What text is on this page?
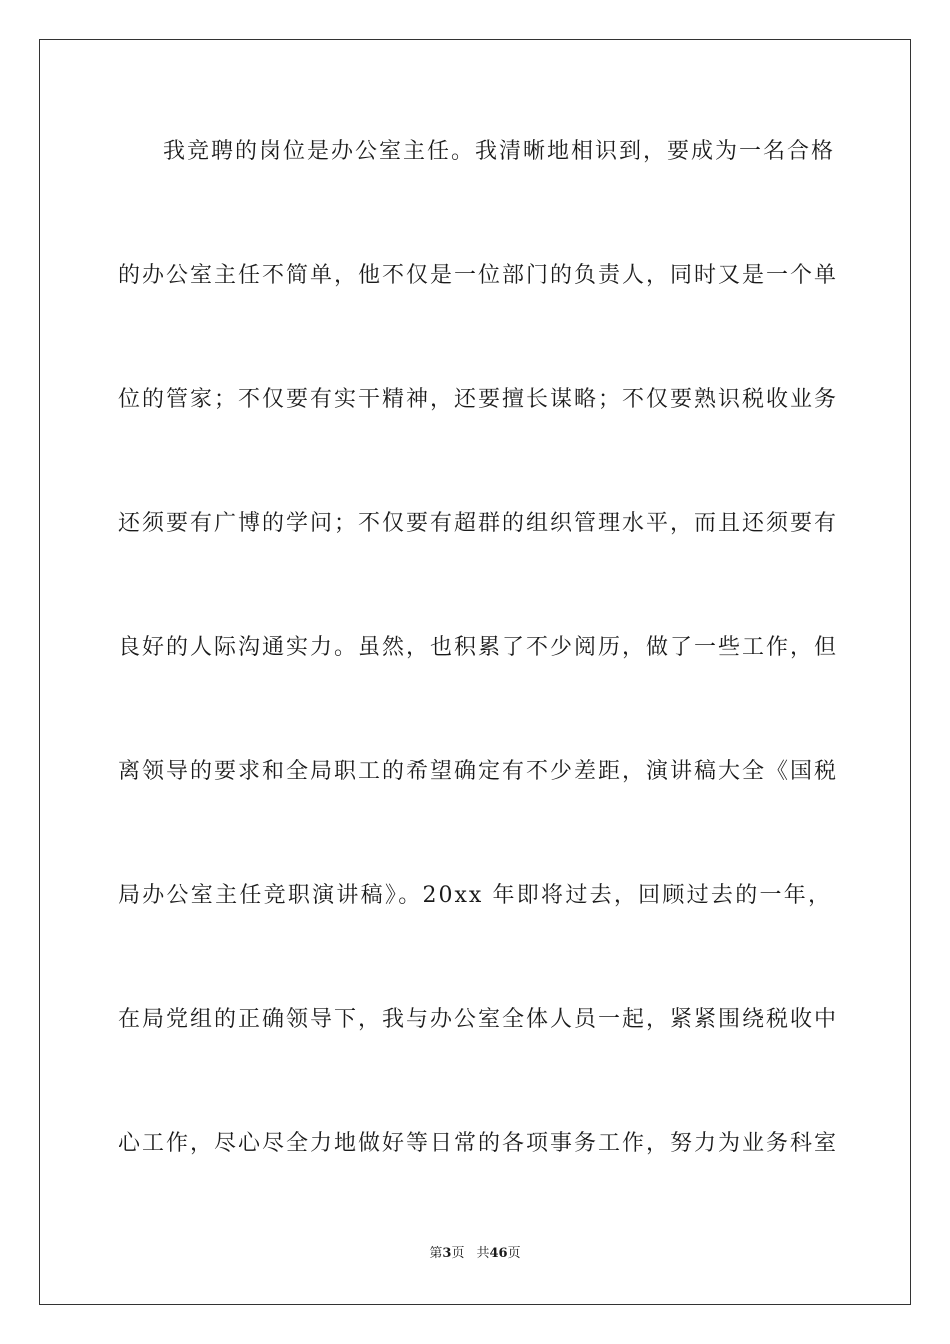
我竞聘的岗位是办公室主任。我清晰地相识到，要成为一名合格
的办公室主任不简单，他不仅是一位部门的负责人，同时又是一个单
位的管家；不仅要有实干精神，还要擅长谋略；不仅要熟识税收业务
还须要有广博的学问；不仅要有超群的组织管理水平，而且还须要有
良好的人际沟通实力。虽然，也积累了不少阅历，做了一些工作，但
离领导的要求和全局职工的希望确定有不少差距，演讲稿大全《国税
局办公室主任竞职演讲稿》。20xx 年即将过去，回顾过去的一年，
在局党组的正确领导下，我与办公室全体人员一起，紧紧围绕税收中
心工作，尽心尽全力地做好等日常的各项事务工作，努力为业务科室
第3页 共46页
